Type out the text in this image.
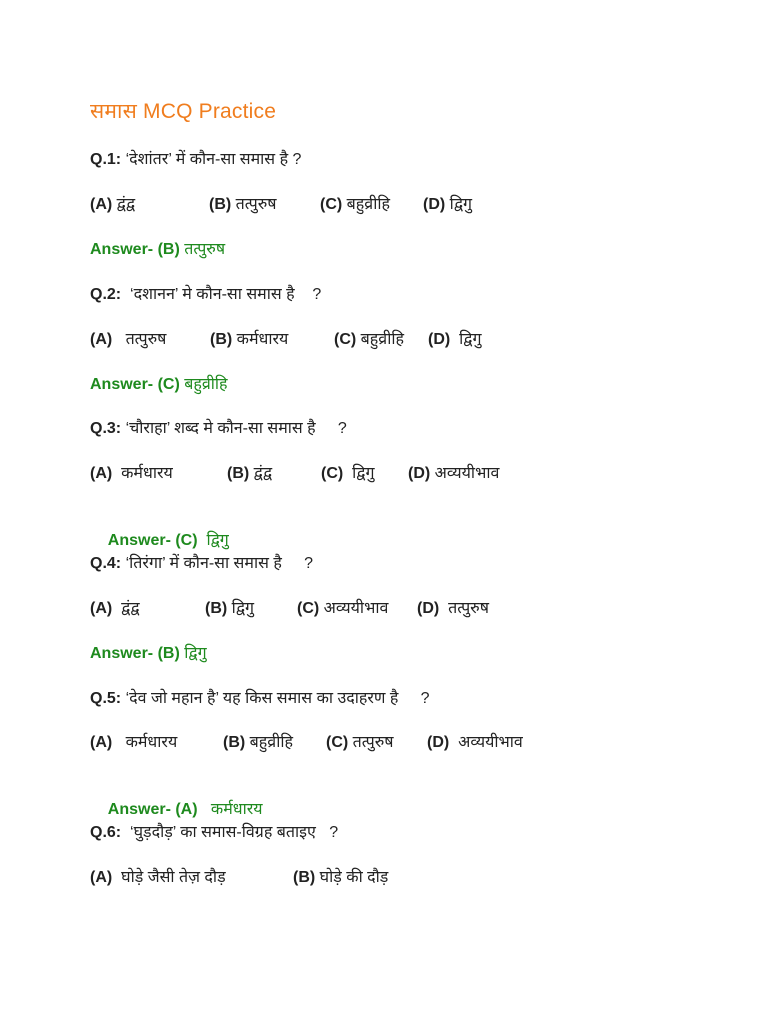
समास MCQ Practice
Q.1: ‘देशांतर’ में कौन-सा समास है ?
(A) द्वंद्व	(B) तत्पुरुष	(C) बहुव्रीहि (D) द्विगु
Answer- (B) तत्पुरुष
Q.2:  ‘दशानन’ मे कौन-सा समास है    ?
(A)   तत्पुरुष	(B) कर्मधारय	(C) बहुव्रीहि (D)  द्विगु
Answer- (C) बहुव्रीहि
Q.3: ‘चौराहा’ शब्द मे कौन-सा समास है     ?
(A)  कर्मधारय	(B) द्वंद्व	(C)  द्विगु (D) अव्ययीभाव

Answer- (C)  द्विगु

Q.4: ‘तिरंगा’ में कौन-सा समास है     ?
(A)  द्वंद्व	(B) द्विगु	(C) अव्ययीभाव (D)  तत्पुरुष
Answer- (B) द्विगु
Q.5: ‘देव जो महान है’ यह किस समास का उदाहरण है     ?
(A)   कर्मधारय	(B) बहुव्रीहि (C) तत्पुरुष (D)  अव्ययीभाव

Answer- (A)   कर्मधारय

Q.6:  ‘घुड़दौड़’ का समास-विग्रह बताइए   ?
(A)  घोड़े जैसी तेज़ दौड़	(B) घोड़े की दौड़
